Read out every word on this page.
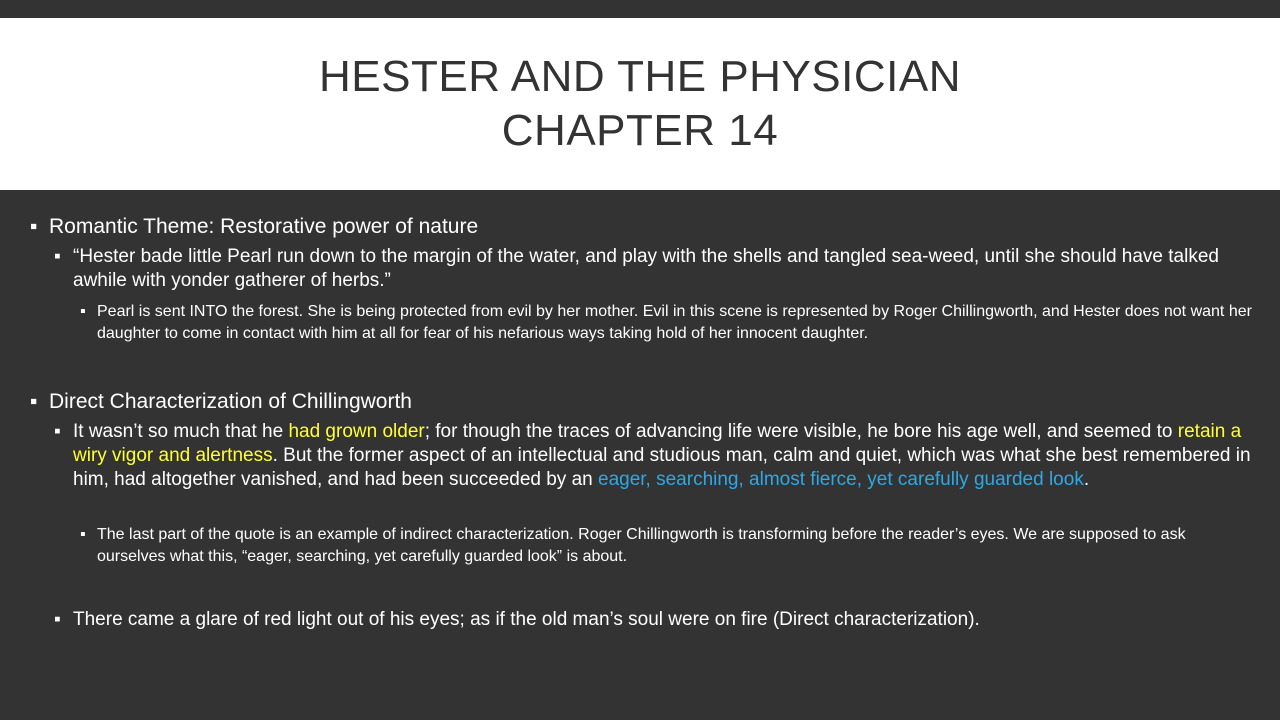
HESTER AND THE PHYSICIAN
CHAPTER 14
▪ Romantic Theme: Restorative power of nature
▪ “Hester bade little Pearl run down to the margin of the water, and play with the shells and tangled sea-weed, until she should have talked awhile with yonder gatherer of herbs.”
▪ Pearl is sent INTO the forest. She is being protected from evil by her mother. Evil in this scene is represented by Roger Chillingworth, and Hester does not want her daughter to come in contact with him at all for fear of his nefarious ways taking hold of her innocent daughter.
▪ Direct Characterization of Chillingworth
▪ It wasn’t so much that he had grown older; for though the traces of advancing life were visible, he bore his age well, and seemed to retain a wiry vigor and alertness. But the former aspect of an intellectual and studious man, calm and quiet, which was what she best remembered in him, had altogether vanished, and had been succeeded by an eager, searching, almost fierce, yet carefully guarded look.
▪ The last part of the quote is an example of indirect characterization. Roger Chillingworth is transforming before the reader’s eyes. We are supposed to ask ourselves what this, “eager, searching, yet carefully guarded look” is about.
▪ There came a glare of red light out of his eyes; as if the old man’s soul were on fire (Direct characterization).
